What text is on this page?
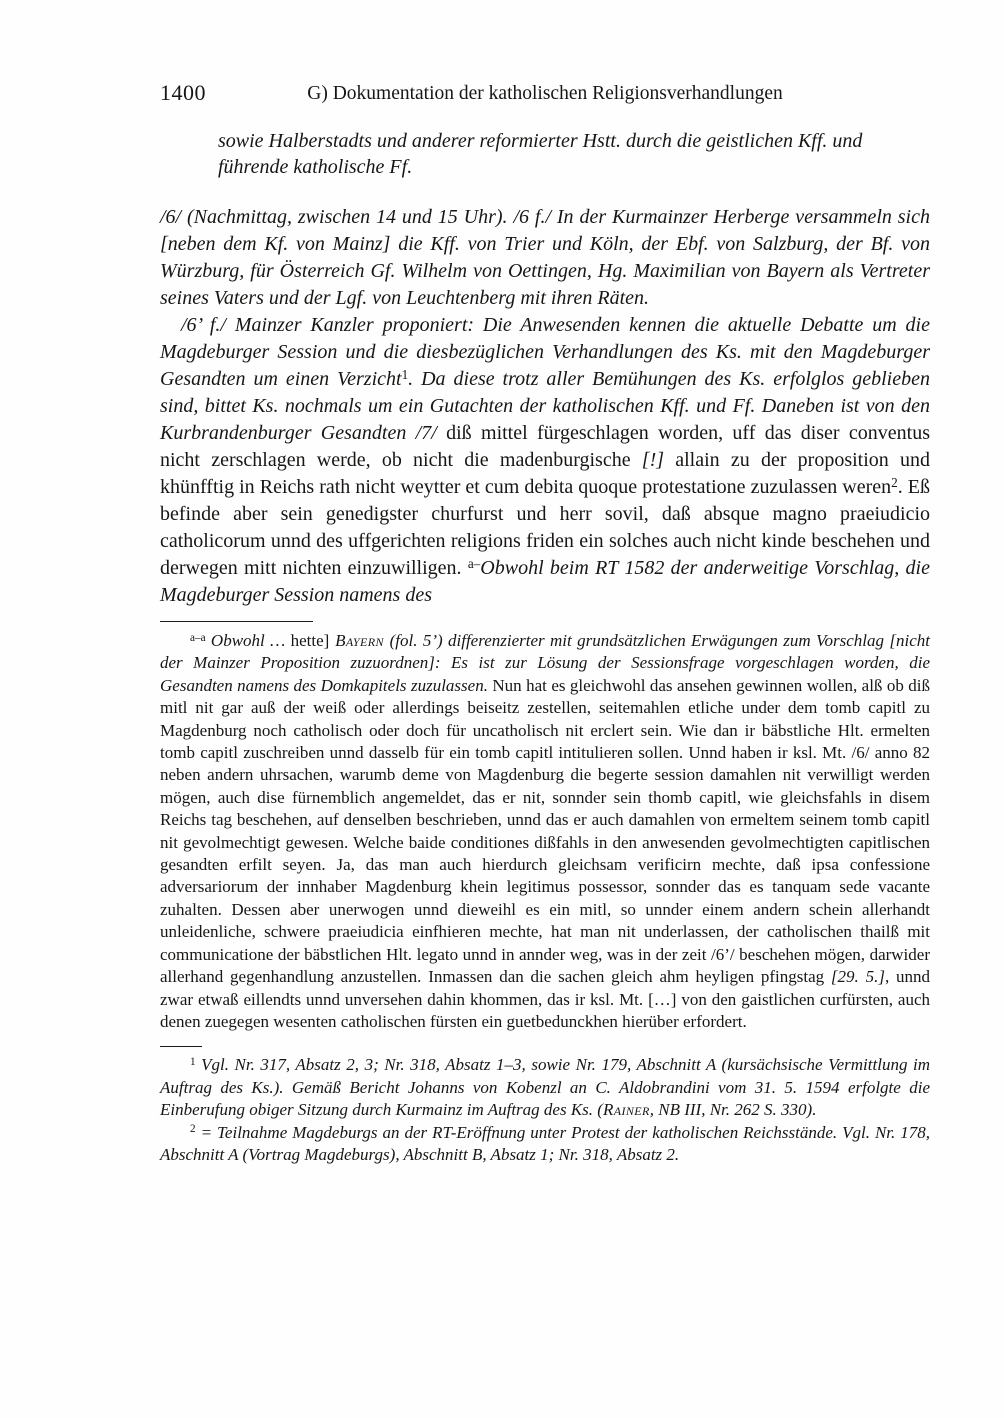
1400	G) Dokumentation der katholischen Religionsverhandlungen

sowie Halberstadts und anderer reformierter Hstt. durch die geistlichen Kff. und führende katholische Ff.

/6/ (Nachmittag, zwischen 14 und 15 Uhr). /6 f./ In der Kurmainzer Herberge versammeln sich [neben dem Kf. von Mainz] die Kff. von Trier und Köln, der Ebf. von Salzburg, der Bf. von Würzburg, für Österreich Gf. Wilhelm von Oettingen, Hg. Maximilian von Bayern als Vertreter seines Vaters und der Lgf. von Leuchtenberg mit ihren Räten.

/6’ f./ Mainzer Kanzler proponiert: Die Anwesenden kennen die aktuelle Debatte um die Magdeburger Session und die diesbezüglichen Verhandlungen des Ks. mit den Magdeburger Gesandten um einen Verzicht$^1$. Da diese trotz aller Bemühungen des Ks. erfolglos geblieben sind, bittet Ks. nochmals um ein Gutachten der katholischen Kff. und Ff. Daneben ist von den Kurbrandenburger Gesandten /7/ diß mittel fürgeschlagen worden, uff das diser conventus nicht zerschlagen werde, ob nicht die madenburgische [!] allain zu der proposition und khünfftig in Reichs rath nicht weytter et cum debita quoque protestatione zuzulassen weren$^2$. Eß befinde aber sein genedigster churfurst und herr sovil, daß absque magno praeiudicio catholicorum unnd des uffgerichten religions friden ein solches auch nicht kinde beschehen und derwegen mitt nichten einzuwilligen. $^{a-}$Obwohl beim RT 1582 der anderweitige Vorschlag, die Magdeburger Session namens des

$^{a-a}$ Obwohl … hette] Bayern (fol. 5’) differenzierter mit grundsätzlichen Erwägungen zum Vorschlag [nicht der Mainzer Proposition zuzuordnen]: Es ist zur Lösung der Sessionsfrage vorgeschlagen worden, die Gesandten namens des Domkapitels zuzulassen. Nun hat es gleichwohl das ansehen gewinnen wollen, alß ob diß mitl nit gar auß der weiß oder allerdings beiseitz zestellen, seitemahlen etliche under dem tomb capitl zu Magdenburg noch catholisch oder doch für uncatholisch nit erclert sein. Wie dan ir bäbstliche Hlt. ermelten tomb capitl zuschreiben unnd dasselb für ein tomb capitl intitulieren sollen. Unnd haben ir ksl. Mt. /6/ anno 82 neben andern uhrsachen, warumb deme von Magdenburg die begerte session damahlen nit verwilligt werden mögen, auch dise fürnemblich angemeldet, das er nit, sonnder sein thomb capitl, wie gleichsfahls in disem Reichs tag beschehen, auf denselben beschrieben, unnd das er auch damahlen von ermeltem seinem tomb capitl nit gevolmechtigt gewesen. Welche baide conditiones dißfahls in den anwesenden gevolmechtigten capitlischen gesandten erfilt seyen. Ja, das man auch hierdurch gleichsam verificirn mechte, daß ipsa confessione adversariorum der innhaber Magdenburg khein legitimus possessor, sonnder das es tanquam sede vacante zuhalten. Dessen aber unerwogen unnd dieweihl es ein mitl, so unnder einem andern schein allerhandt unleidenliche, schwere praeiudicia einfhieren mechte, hat man nit underlassen, der catholischen thailß mit communicatione der bäbstlichen Hlt. legato unnd in annder weg, was in der zeit /6’/ beschehen mögen, darwider allerhand gegenhandlung anzustellen. Inmassen dan die sachen gleich ahm heyligen pfingstag [29. 5.], unnd zwar etwaß eillendts unnd unversehen dahin khommen, das ir ksl. Mt. […] von den gaistlichen curfürsten, auch denen zuegegen wesenten catholischen fürsten ein guetbedunckhen hierüber erfordert.

$^1$ Vgl. Nr. 317, Absatz 2, 3; Nr. 318, Absatz 1–3, sowie Nr. 179, Abschnitt A (kursächsische Vermittlung im Auftrag des Ks.). Gemäß Bericht Johanns von Kobenzl an C. Aldobrandini vom 31. 5. 1594 erfolgte die Einberufung obiger Sitzung durch Kurmainz im Auftrag des Ks. (Rainer, NB III, Nr. 262 S. 330).

$^2$ = Teilnahme Magdeburgs an der RT-Eröffnung unter Protest der katholischen Reichsstände. Vgl. Nr. 178, Abschnitt A (Vortrag Magdeburgs), Abschnitt B, Absatz 1; Nr. 318, Absatz 2.
